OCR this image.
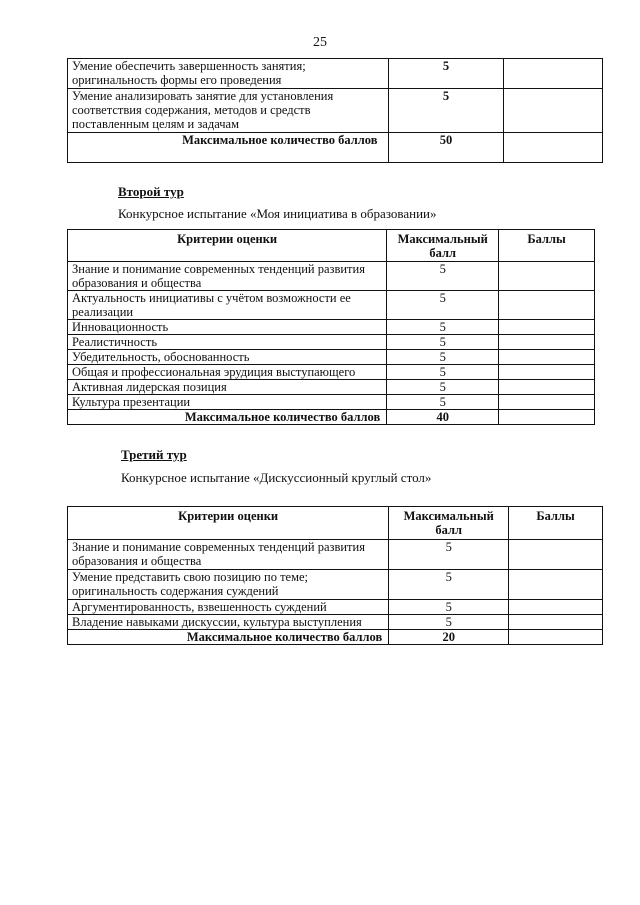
25
Умение обеспечить завершенность занятия; оригинальность формы его проведения	5	
Умение анализировать занятие для установления соответствия содержания, методов и средств поставленным целям и задачам	5	
Максимальное количество баллов	50	
Второй тур
Конкурсное испытание «Моя инициатива в образовании»
Критерии оценки	Максимальный балл	Баллы
Знание и понимание современных тенденций развития образования и общества	5	
Актуальность инициативы с учётом возможности ее реализации	5	
Инновационность	5	
Реалистичность	5	
Убедительность, обоснованность	5	
Общая и профессиональная эрудиция выступающего	5	
Активная лидерская позиция	5	
Культура презентации	5	
Максимальное количество баллов	40	
Третий тур
Конкурсное испытание «Дискуссионный круглый стол»
Критерии оценки	Максимальный балл	Баллы
Знание и понимание современных тенденций развития образования и общества	5	
Умение представить свою позицию по теме; оригинальность содержания суждений	5	
Аргументированность, взвешенность суждений	5	
Владение навыками дискуссии, культура выступления	5	
Максимальное количество баллов	20	
